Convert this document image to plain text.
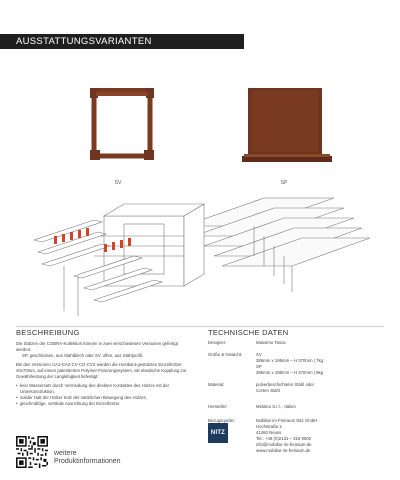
AUSSTATTUNGSVARIANTEN
SV	SP
BESCHREIBUNG

Die Stützen der COBRA-Kollektion können in zwei verschiedenen Versionen gefertigt werden:
SP, geschlossen, aus Stahlblech oder SV, offen, aus Stahlprofil.

Bei den Versionen CA1-CA2-CV-CO-CVS werden die Hostkant-gestützten Einzelhölzer 40x70mm, auf einem patentierten Polymer-Fixierungssystem, als elastische Kupplung zur Gewährleistung der Langlebigkeit befestigt:

• kein Wassersatz durch Vermeidung des direkten Kontaktes des Holzes mit der Unterkonstruktion,
• solider Halt der Hölzer trotz der natürlichen Bewegung des Holzes,
• gleichmäßige, vertikale Ausrichtung der Einzelhölzer.
TECHNISCHE DATEN
Designer:	Massimo Tasca
Größe & Gewicht:	SV
386mm x 195mm – H 370mm | 7kg
SP
386mm x 195mm – H 370mm | 9kg
Material:	pulverbeschichteter Stahl oder
Corten Stahl
Hersteller:	Metalco S.r.l. , Italien
Bezugsquelle:	Mobiliar im Freiraum Nitz GmbH
Hochstraße 2
41460 Neuss
Tel.: +49 (0)2131 – 316 9000
info@mobiliar-im-freiraum.de
www.mobiliar-im-freiraum.de
NITZ
weitere
Produktinformationen
